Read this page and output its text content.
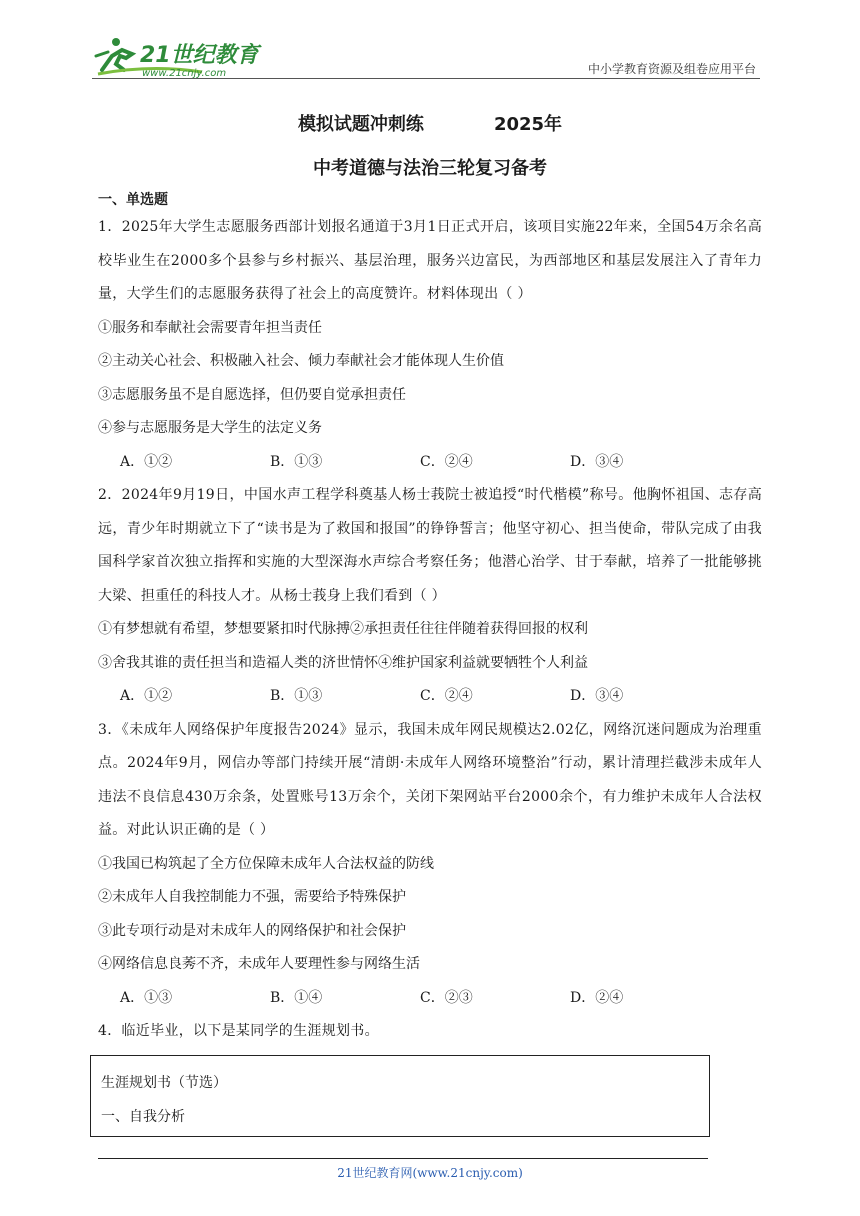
21世纪教育
www.21cnjy.com	中小学教育资源及组卷应用平台
模拟试题冲刺练	2025年
中考道德与法治三轮复习备考
一、单选题
1．2025年大学生志愿服务西部计划报名通道于3月1日正式开启，该项目实施22年来，全国54万余名高校毕业生在2000多个县参与乡村振兴、基层治理，服务兴边富民，为西部地区和基层发展注入了青年力量，大学生们的志愿服务获得了社会上的高度赞许。材料体现出（ ）
①服务和奉献社会需要青年担当责任
②主动关心社会、积极融入社会、倾力奉献社会才能体现人生价值
③志愿服务虽不是自愿选择，但仍要自觉承担责任
④参与志愿服务是大学生的法定义务
A．①②	B．①③	C．②④	D．③④
2．2024年9月19日，中国水声工程学科奠基人杨士莪院士被追授“时代楷模”称号。他胸怀祖国、志存高远，青少年时期就立下了“读书是为了救国和报国”的铮铮誓言；他坚守初心、担当使命，带队完成了由我国科学家首次独立指挥和实施的大型深海水声综合考察任务；他潜心治学、甘于奉献，培养了一批能够挑大梁、担重任的科技人才。从杨士莪身上我们看到（ ）
①有梦想就有希望，梦想要紧扣时代脉搏②承担责任往往伴随着获得回报的权利
③舍我其谁的责任担当和造福人类的济世情怀④维护国家利益就要牺牲个人利益
A．①②	B．①③	C．②④	D．③④
3．《未成年人网络保护年度报告2024》显示，我国未成年网民规模达2.02亿，网络沉迷问题成为治理重点。2024年9月，网信办等部门持续开展“清朗·未成年人网络环境整治”行动，累计清理拦截涉未成年人违法不良信息430万余条，处置账号13万余个，关闭下架网站平台2000余个，有力维护未成年人合法权益。对此认识正确的是（ ）
①我国已构筑起了全方位保障未成年人合法权益的防线
②未成年人自我控制能力不强，需要给予特殊保护
③此专项行动是对未成年人的网络保护和社会保护
④网络信息良莠不齐，未成年人要理性参与网络生活
A．①③	B．①④	C．②③	D．②④
4．临近毕业，以下是某同学的生涯规划书。
生涯规划书（节选）
一、自我分析
21世纪教育网(www.21cnjy.com)
